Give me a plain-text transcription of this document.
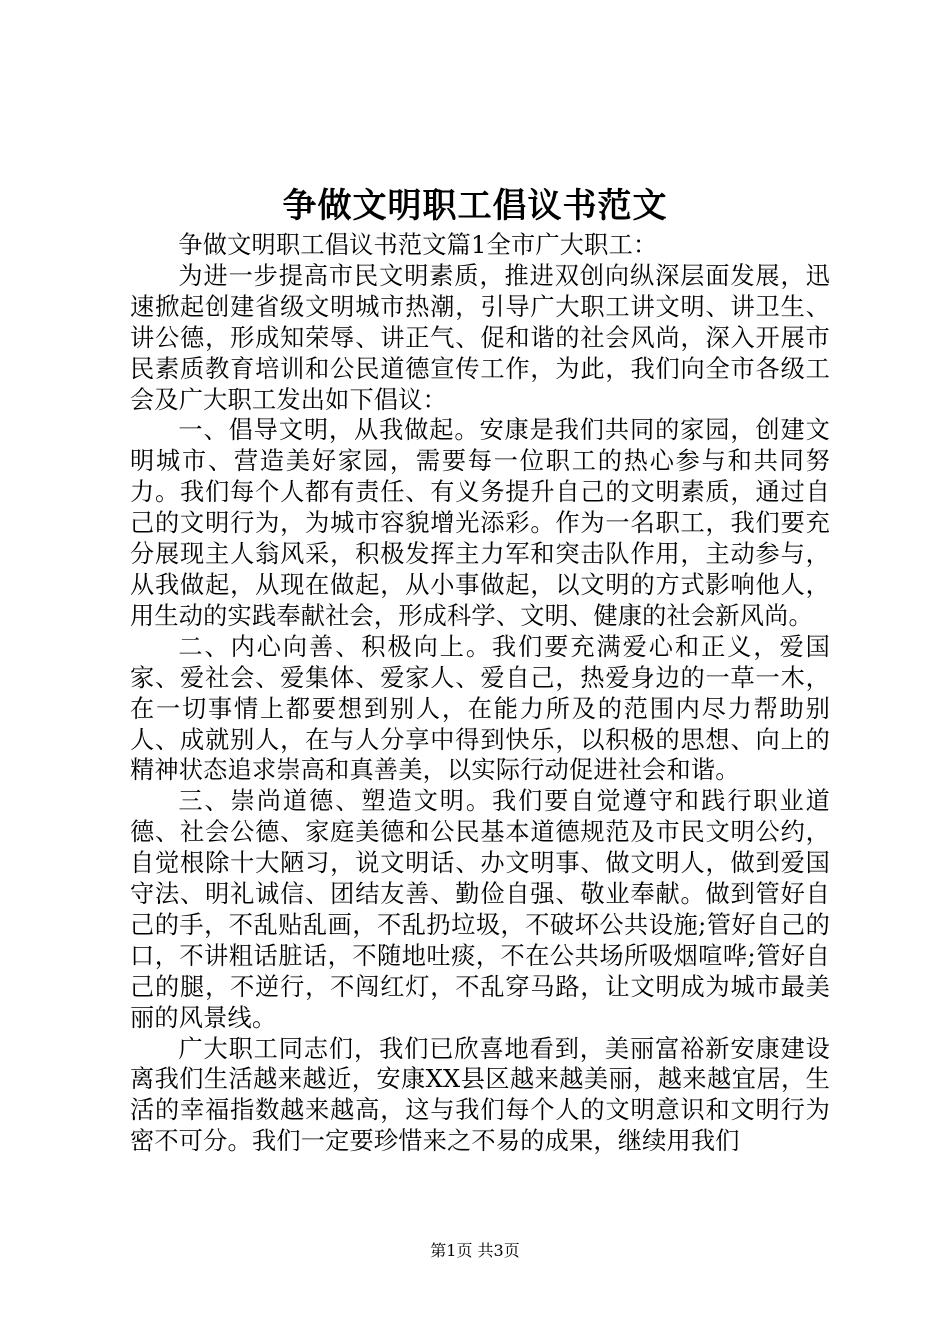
争做文明职工倡议书范文

争做文明职工倡议书范文篇1全市广大职工：

为进一步提高市民文明素质，推进双创向纵深层面发展，迅速掀起创建省级文明城市热潮，引导广大职工讲文明、讲卫生、讲公德，形成知荣辱、讲正气、促和谐的社会风尚，深入开展市民素质教育培训和公民道德宣传工作，为此，我们向全市各级工会及广大职工发出如下倡议：

一、倡导文明，从我做起。安康是我们共同的家园，创建文明城市、营造美好家园，需要每一位职工的热心参与和共同努力。我们每个人都有责任、有义务提升自己的文明素质，通过自己的文明行为，为城市容貌增光添彩。作为一名职工，我们要充分展现主人翁风采，积极发挥主力军和突击队作用，主动参与，从我做起，从现在做起，从小事做起，以文明的方式影响他人，用生动的实践奉献社会，形成科学、文明、健康的社会新风尚。

二、内心向善、积极向上。我们要充满爱心和正义，爱国家、爱社会、爱集体、爱家人、爱自己，热爱身边的一草一木，在一切事情上都要想到别人，在能力所及的范围内尽力帮助别人、成就别人，在与人分享中得到快乐，以积极的思想、向上的精神状态追求崇高和真善美，以实际行动促进社会和谐。

三、崇尚道德、塑造文明。我们要自觉遵守和践行职业道德、社会公德、家庭美德和公民基本道德规范及市民文明公约，自觉根除十大陋习，说文明话、办文明事、做文明人，做到爱国守法、明礼诚信、团结友善、勤俭自强、敬业奉献。做到管好自己的手，不乱贴乱画，不乱扔垃圾，不破坏公共设施;管好自己的口，不讲粗话脏话，不随地吐痰，不在公共场所吸烟喧哗;管好自己的腿，不逆行，不闯红灯，不乱穿马路，让文明成为城市最美丽的风景线。

广大职工同志们，我们已欣喜地看到，美丽富裕新安康建设离我们生活越来越近，安康XX县区越来越美丽，越来越宜居，生活的幸福指数越来越高，这与我们每个人的文明意识和文明行为密不可分。我们一定要珍惜来之不易的成果，继续用我们

第1页 共3页
